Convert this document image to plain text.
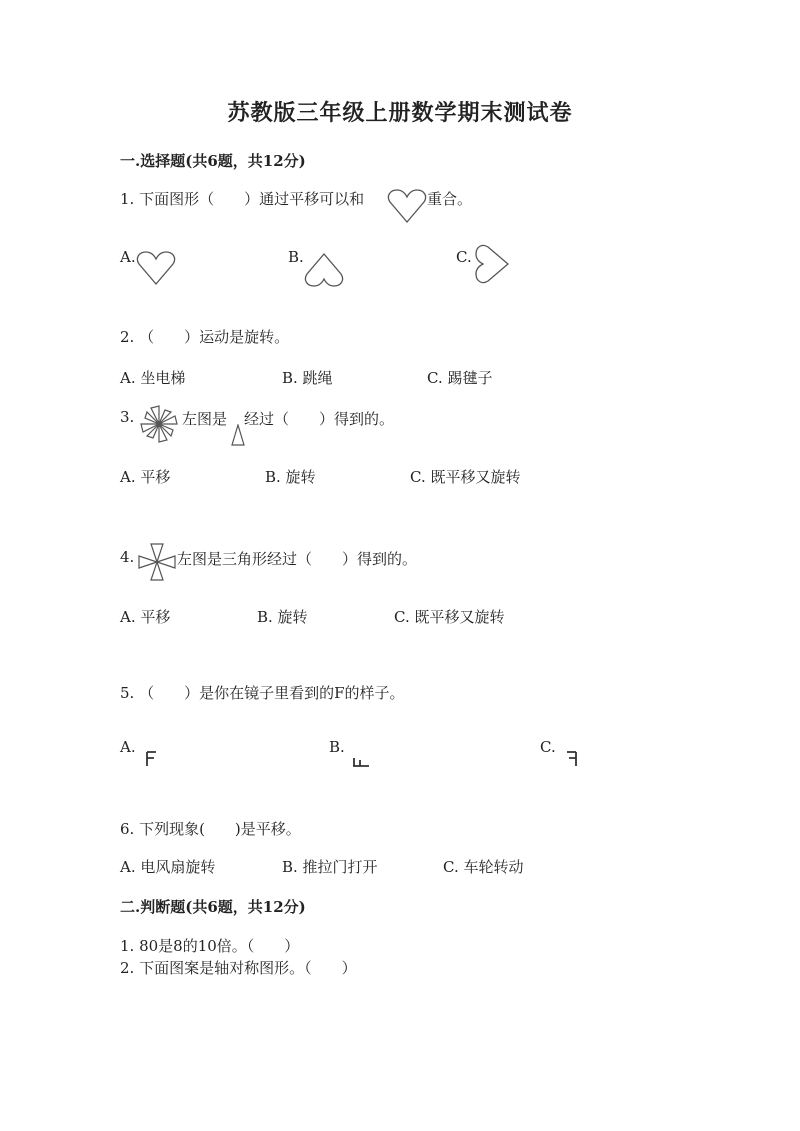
苏教版三年级上册数学期末测试卷
一.选择题(共6题，共12分)
1. 下面图形（　　）通过平移可以和	重合。
A.	B.	C.
2. （　　）运动是旋转。
A. 坐电梯	B. 跳绳	C. 踢毽子
3.	左图是 经过（　　）得到的。
A. 平移	B. 旋转	C. 既平移又旋转
4.	左图是三角形经过（　　）得到的。
A. 平移	B. 旋转	C. 既平移又旋转
5. （　　）是你在镜子里看到的F的样子。
A.	B.	C.
6. 下列现象(　　)是平移。
A. 电风扇旋转	B. 推拉门打开	C. 车轮转动
二.判断题(共6题，共12分)
1. 80是8的10倍。（　　）
2. 下面图案是轴对称图形。（　　）
